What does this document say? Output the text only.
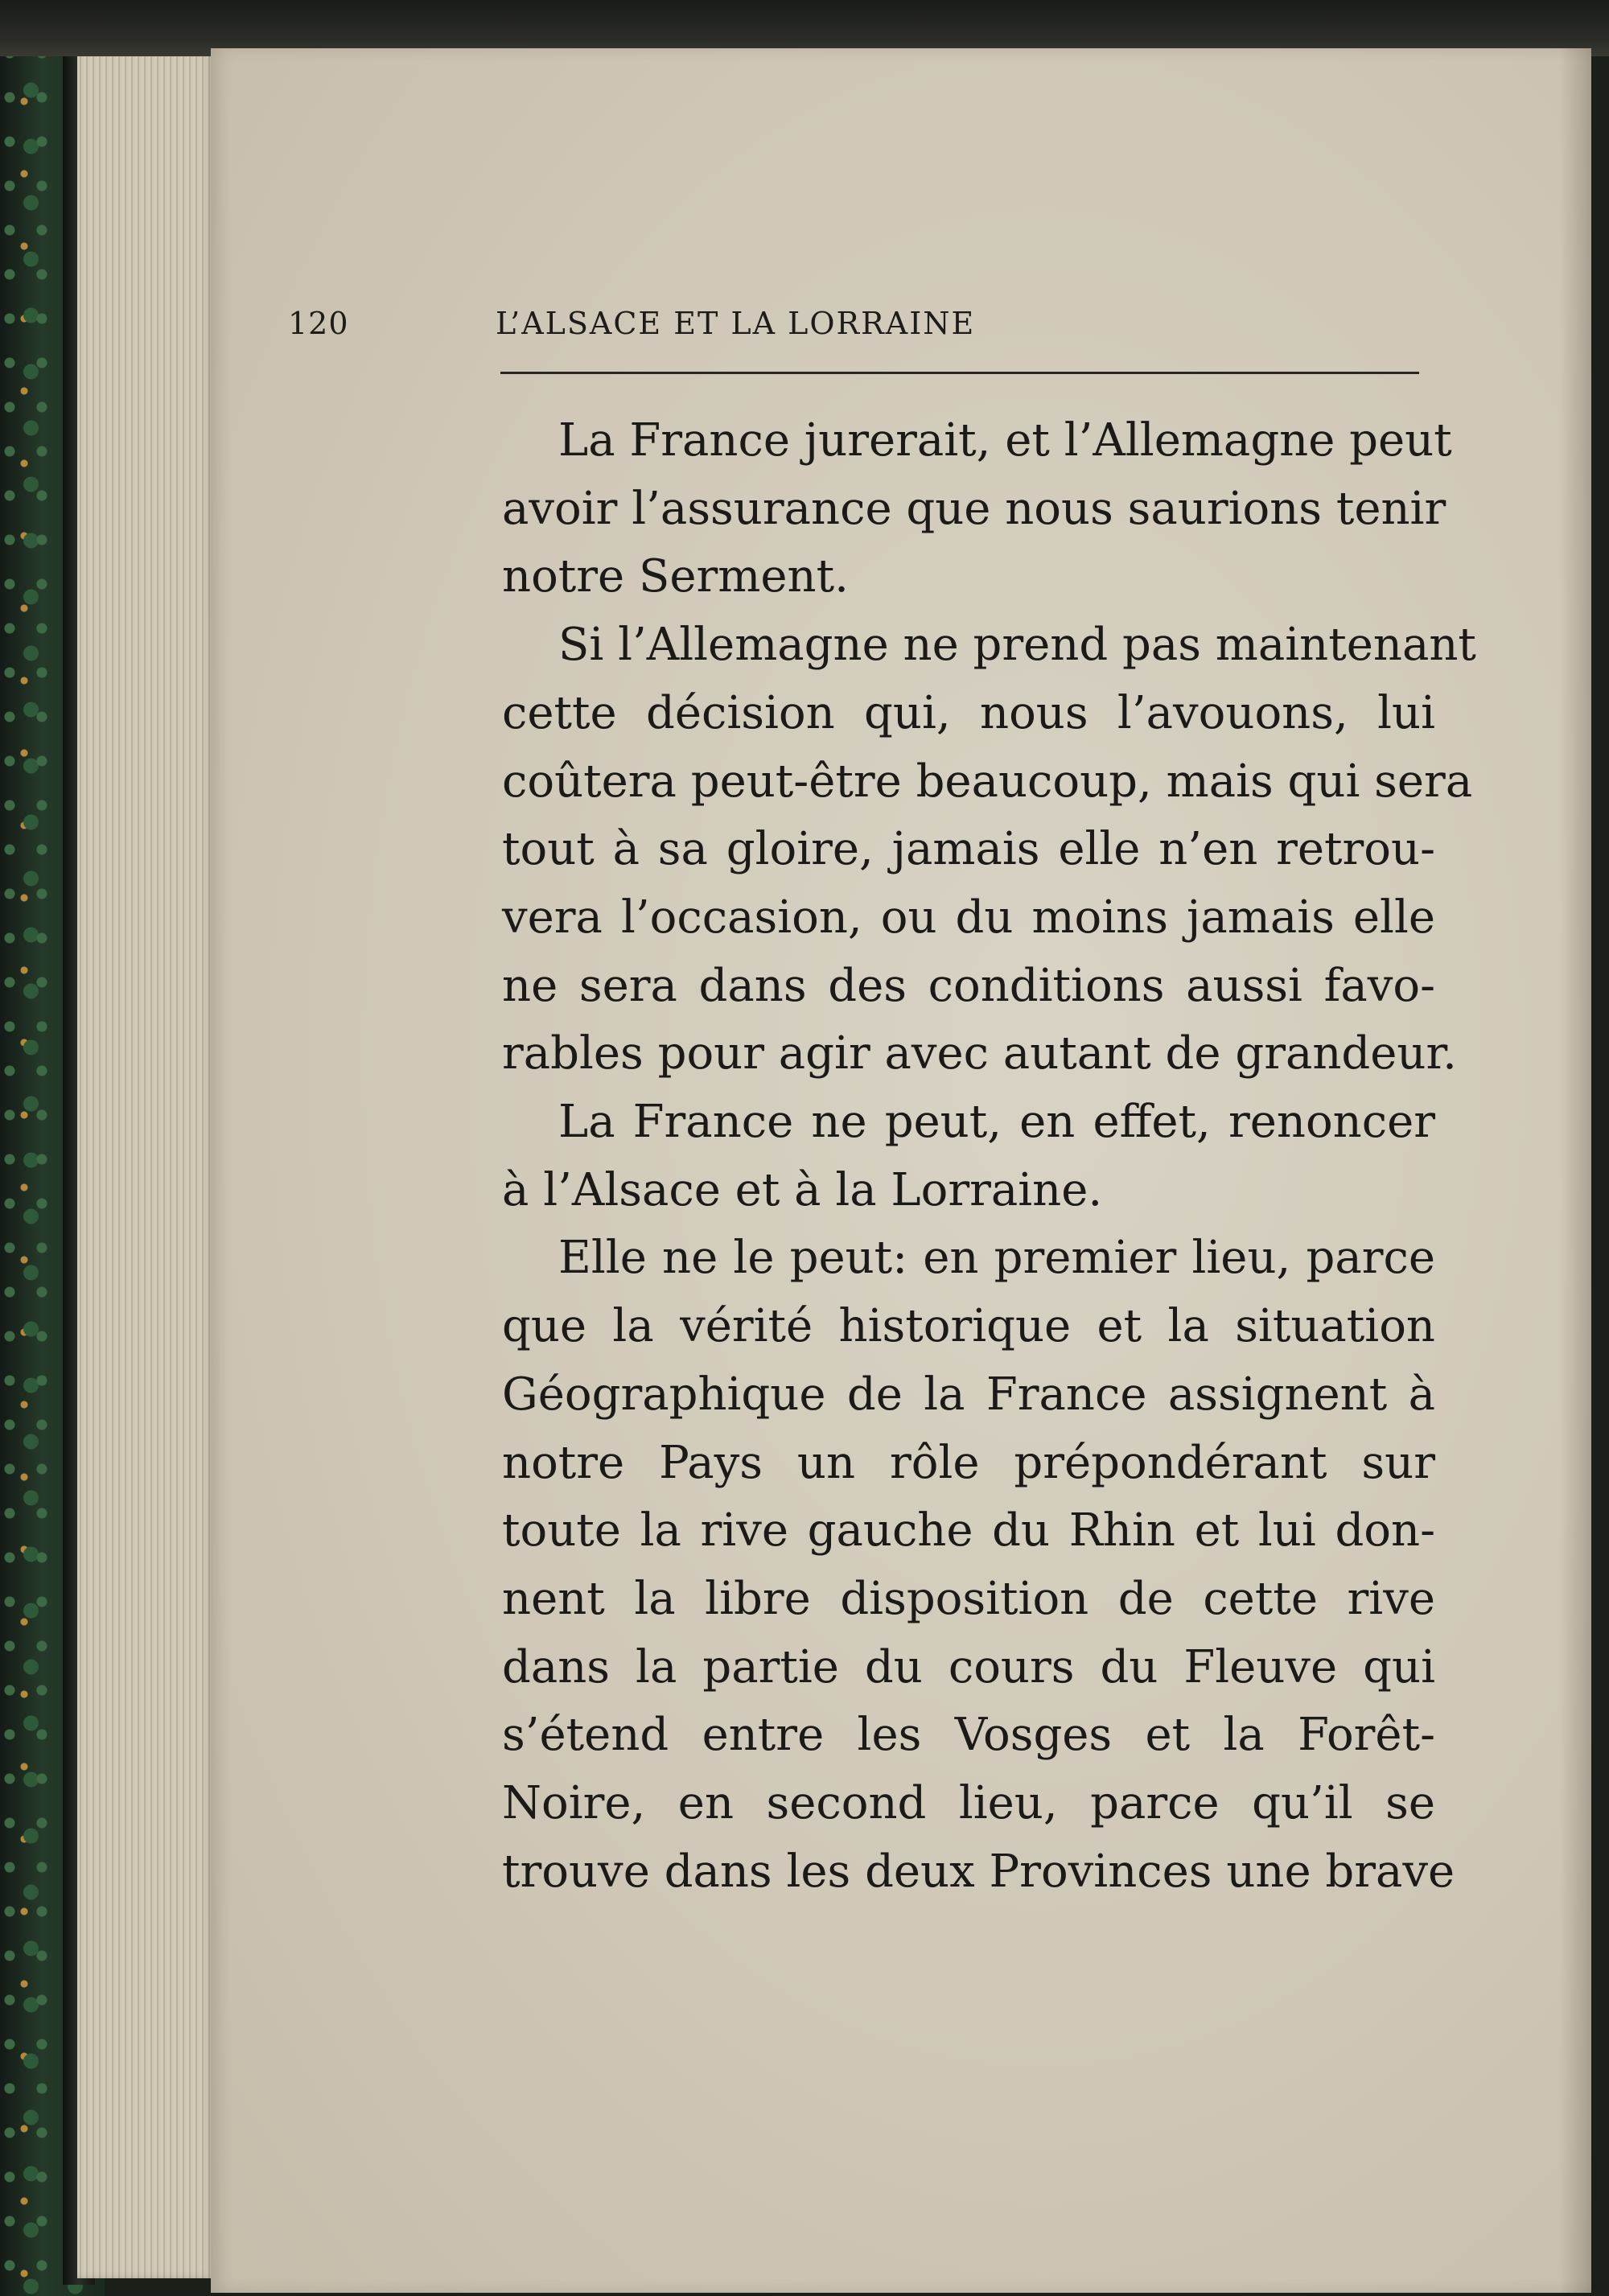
120	L’ALSACE ET LA LORRAINE

La France jurerait, et l’Allemagne peut
avoir l’assurance que nous saurions tenir
notre Serment.

Si l’Allemagne ne prend pas maintenant
cette décision qui, nous l’avouons, lui
coûtera peut-être beaucoup, mais qui sera
tout à sa gloire, jamais elle n’en retrou-
vera l’occasion, ou du moins jamais elle
ne sera dans des conditions aussi favo-
rables pour agir avec autant de grandeur.

La France ne peut, en effet, renoncer
à l’Alsace et à la Lorraine.

Elle ne le peut: en premier lieu, parce
que la vérité historique et la situation
Géographique de la France assignent à
notre Pays un rôle prépondérant sur
toute la rive gauche du Rhin et lui don-
nent la libre disposition de cette rive
dans la partie du cours du Fleuve qui
s’étend entre les Vosges et la Forêt-
Noire, en second lieu, parce qu’il se
trouve dans les deux Provinces une brave
